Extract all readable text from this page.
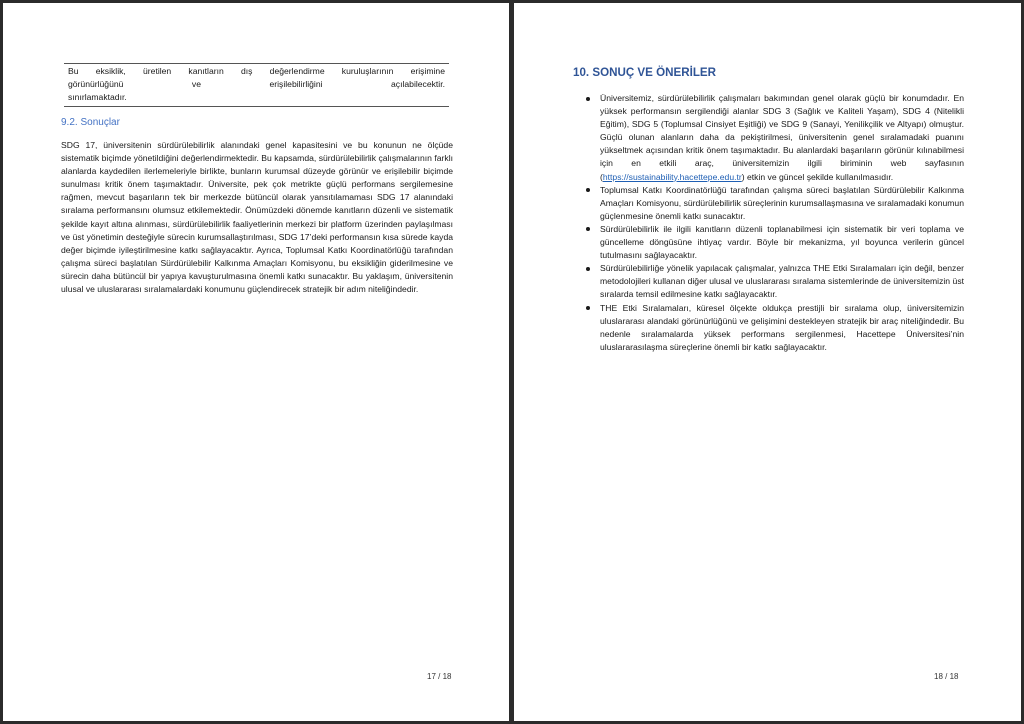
Bu eksiklik, üretilen kanıtların dış değerlendirme kuruluşlarının erişimine
görünürlüğünü ve erişilebilirliğini açılabilecektir.
sınırlamaktadır.
9.2. Sonuçlar

SDG 17, üniversitenin sürdürülebilirlik alanındaki genel kapasitesini ve bu konunun ne ölçüde sistematik biçimde yönetildiğini değerlendirmektedir. Bu kapsamda, sürdürülebilirlik çalışmalarının farklı alanlarda kaydedilen ilerlemeleriyle birlikte, bunların kurumsal düzeyde görünür ve erişilebilir biçimde sunulması kritik önem taşımaktadır. Üniversite, pek çok metrikte güçlü performans sergilemesine rağmen, mevcut başarıların tek bir merkezde bütüncül olarak yansıtılamaması SDG 17 alanındaki sıralama performansını olumsuz etkilemektedir. Önümüzdeki dönemde kanıtların düzenli ve sistematik şekilde kayıt altına alınması, sürdürülebilirlik faaliyetlerinin merkezi bir platform üzerinden paylaşılması ve üst yönetimin desteğiyle sürecin kurumsallaştırılması, SDG 17’deki performansın kısa sürede kayda değer biçimde iyileştirilmesine katkı sağlayacaktır. Ayrıca, Toplumsal Katkı Koordinatörlüğü tarafından çalışma süreci başlatılan Sürdürülebilir Kalkınma Amaçları Komisyonu, bu eksikliğin giderilmesine ve sürecin daha bütüncül bir yapıya kavuşturulmasına önemli katkı sunacaktır. Bu yaklaşım, üniversitenin ulusal ve uluslararası sıralamalardaki konumunu güçlendirecek stratejik bir adım niteliğindedir.

17 / 18
10. SONUÇ VE ÖNERİLER
Üniversitemiz, sürdürülebilirlik çalışmaları bakımından genel olarak güçlü bir konumdadır. En yüksek performansın sergilendiği alanlar SDG 3 (Sağlık ve Kaliteli Yaşam), SDG 4 (Nitelikli Eğitim), SDG 5 (Toplumsal Cinsiyet Eşitliği) ve SDG 9 (Sanayi, Yenilikçilik ve Altyapı) olmuştur. Güçlü olunan alanların daha da pekiştirilmesi, üniversitenin genel sıralamadaki puanını yükseltmek açısından kritik önem taşımaktadır. Bu alanlardaki başarıların görünür kılınabilmesi için en etkili araç, üniversitemizin ilgili biriminin web sayfasının (https://sustainability.hacettepe.edu.tr) etkin ve güncel şekilde kullanılmasıdır.
Toplumsal Katkı Koordinatörlüğü tarafından çalışma süreci başlatılan Sürdürülebilir Kalkınma Amaçları Komisyonu, sürdürülebilirlik süreçlerinin kurumsallaşmasına ve sıralamadaki konumun güçlenmesine önemli katkı sunacaktır.
Sürdürülebilirlik ile ilgili kanıtların düzenli toplanabilmesi için sistematik bir veri toplama ve güncelleme döngüsüne ihtiyaç vardır. Böyle bir mekanizma, yıl boyunca verilerin güncel tutulmasını sağlayacaktır.
Sürdürülebilirliğe yönelik yapılacak çalışmalar, yalnızca THE Etki Sıralamaları için değil, benzer metodolojileri kullanan diğer ulusal ve uluslararası sıralama sistemlerinde de üniversitemizin üst sıralarda temsil edilmesine katkı sağlayacaktır.
THE Etki Sıralamaları, küresel ölçekte oldukça prestijli bir sıralama olup, üniversitemizin uluslararası alandaki görünürlüğünü ve gelişimini destekleyen stratejik bir araç niteliğindedir. Bu nedenle sıralamalarda yüksek performans sergilenmesi, Hacettepe Üniversitesi’nin uluslararasılaşma süreçlerine önemli bir katkı sağlayacaktır.
18 / 18
